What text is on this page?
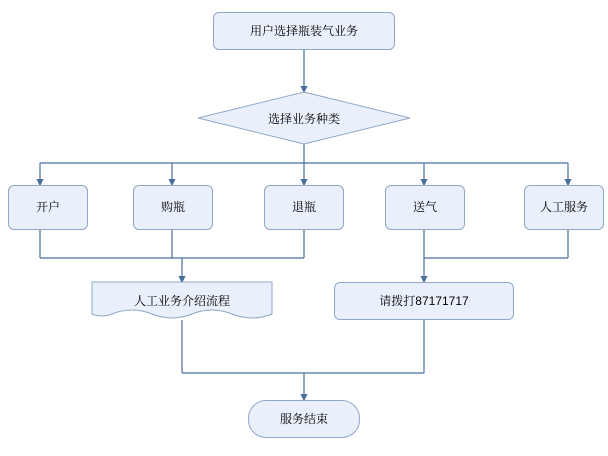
用户选择瓶装气业务
选择业务种类
开户	购瓶	退瓶	送气	人工服务
人工业务介绍流程	请拨打87171717
服务结束
